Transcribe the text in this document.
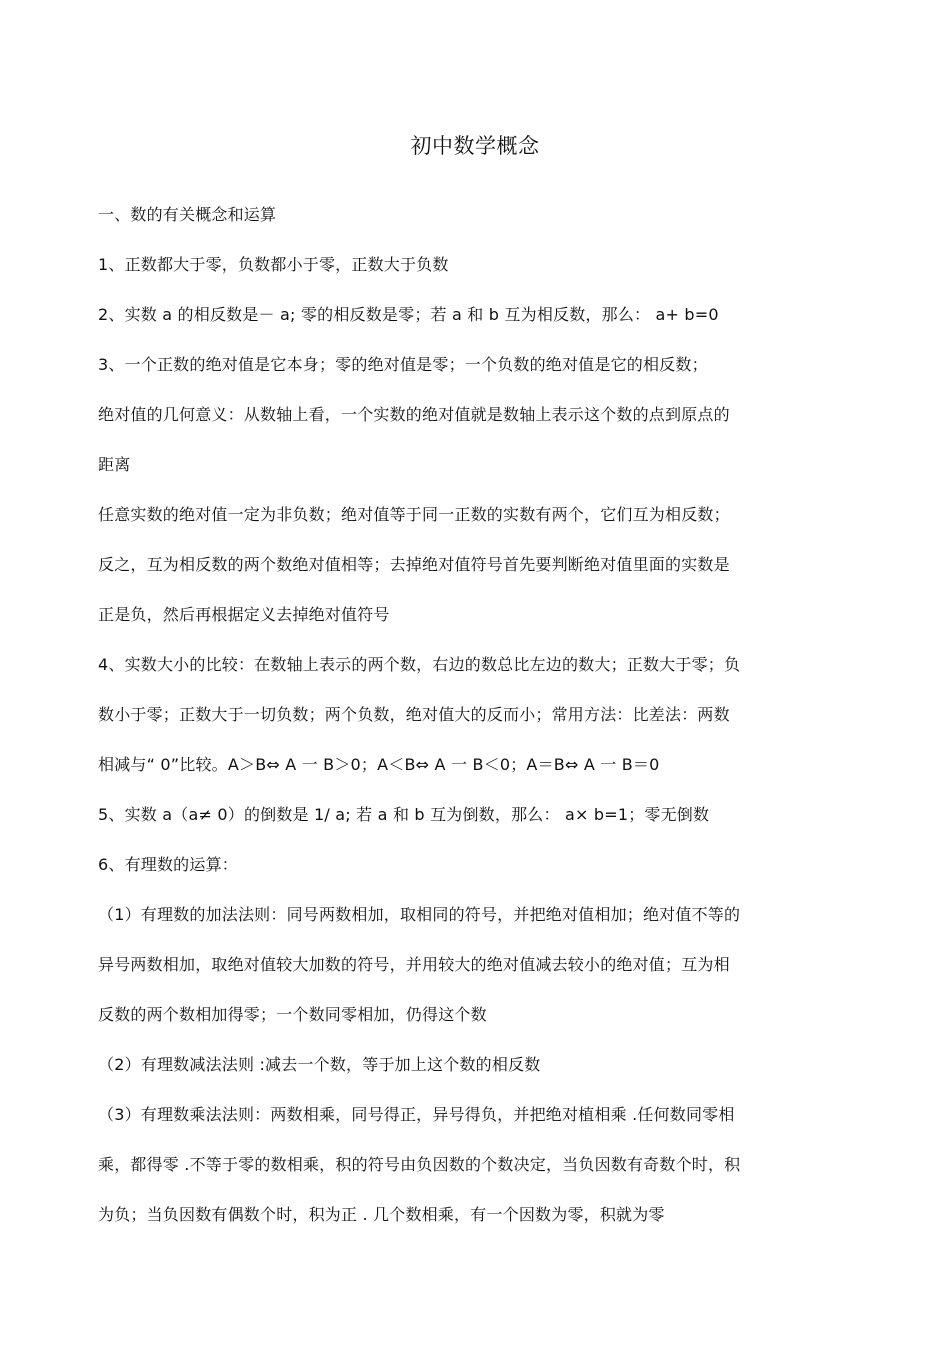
初中数学概念
一、数的有关概念和运算
1、正数都大于零，负数都小于零，正数大于负数
2、实数 a 的相反数是－ a; 零的相反数是零；若 a 和 b 互为相反数，那么： a+ b=0
3、一个正数的绝对值是它本身；零的绝对值是零；一个负数的绝对值是它的相反数；
绝对值的几何意义：从数轴上看，一个实数的绝对值就是数轴上表示这个数的点到原点的
距离
任意实数的绝对值一定为非负数；绝对值等于同一正数的实数有两个，它们互为相反数；
反之，互为相反数的两个数绝对值相等；去掉绝对值符号首先要判断绝对值里面的实数是
正是负，然后再根据定义去掉绝对值符号
4、实数大小的比较：在数轴上表示的两个数，右边的数总比左边的数大；正数大于零；负
数小于零；正数大于一切负数；两个负数，绝对值大的反而小；常用方法：比差法：两数
相减与“ 0”比较。A＞B⇔ A 一 B＞0；A＜B⇔ A 一 B＜0；A＝B⇔ A 一 B＝0
5、实数 a（a≠ 0）的倒数是 1/ a; 若 a 和 b 互为倒数，那么： a× b=1；零无倒数
6、有理数的运算：
（1）有理数的加法法则：同号两数相加，取相同的符号，并把绝对值相加；绝对值不等的
异号两数相加，取绝对值较大加数的符号，并用较大的绝对值减去较小的绝对值；互为相
反数的两个数相加得零；一个数同零相加，仍得这个数
（2）有理数减法法则 :减去一个数，等于加上这个数的相反数
（3）有理数乘法法则：两数相乘，同号得正，异号得负，并把绝对植相乘 .任何数同零相
乘，都得零 .不等于零的数相乘，积的符号由负因数的个数决定，当负因数有奇数个时，积
为负；当负因数有偶数个时，积为正 . 几个数相乘，有一个因数为零，积就为零
